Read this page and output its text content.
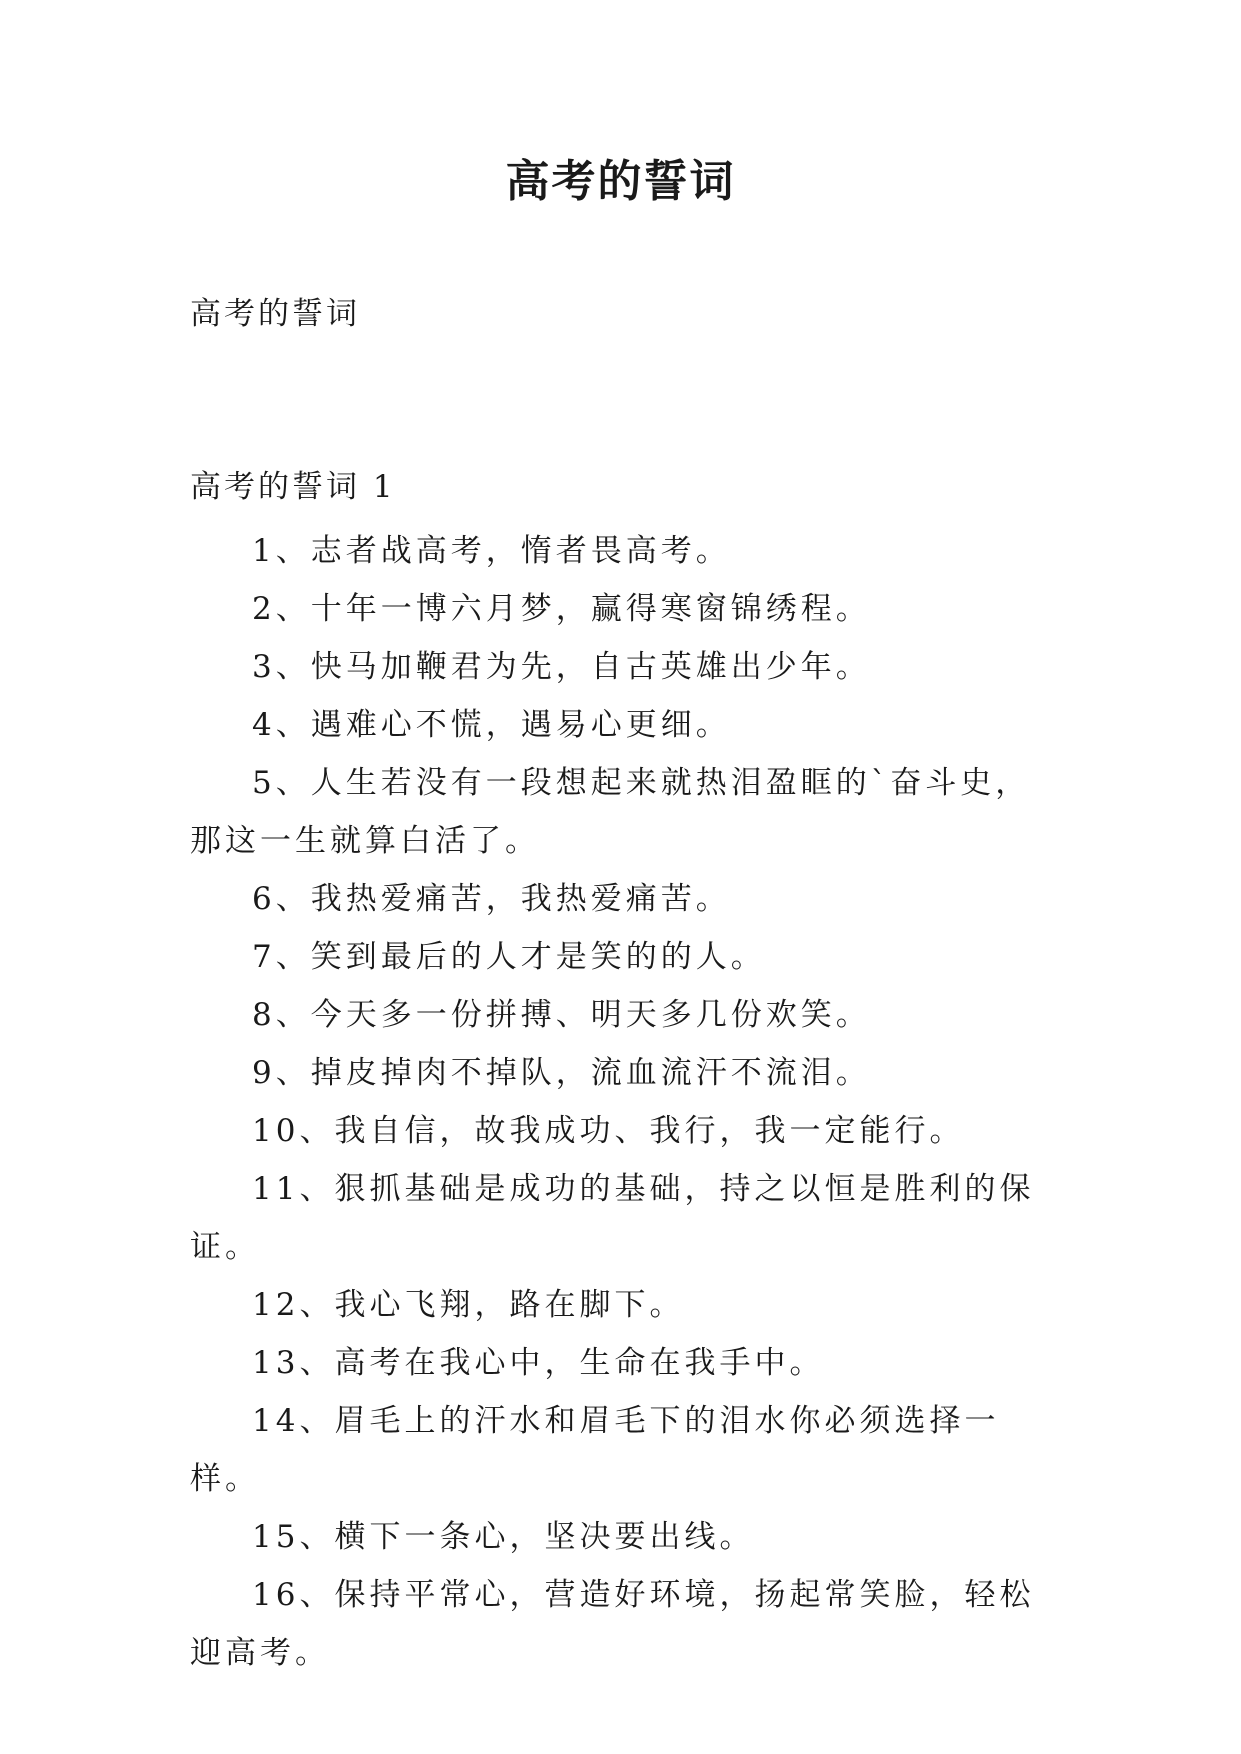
高考的誓词
高考的誓词
高考的誓词 1
1、志者战高考，惰者畏高考。
2、十年一博六月梦，赢得寒窗锦绣程。
3、快马加鞭君为先，自古英雄出少年。
4、遇难心不慌，遇易心更细。
5、人生若没有一段想起来就热泪盈眶的`奋斗史，那这一生就算白活了。
6、我热爱痛苦，我热爱痛苦。
7、笑到最后的人才是笑的的人。
8、今天多一份拼搏、明天多几份欢笑。
9、掉皮掉肉不掉队，流血流汗不流泪。
10、我自信，故我成功、我行，我一定能行。
11、狠抓基础是成功的基础，持之以恒是胜利的保证。
12、我心飞翔，路在脚下。
13、高考在我心中，生命在我手中。
14、眉毛上的汗水和眉毛下的泪水你必须选择一样。
15、横下一条心，坚决要出线。
16、保持平常心，营造好环境，扬起常笑脸，轻松迎高考。
